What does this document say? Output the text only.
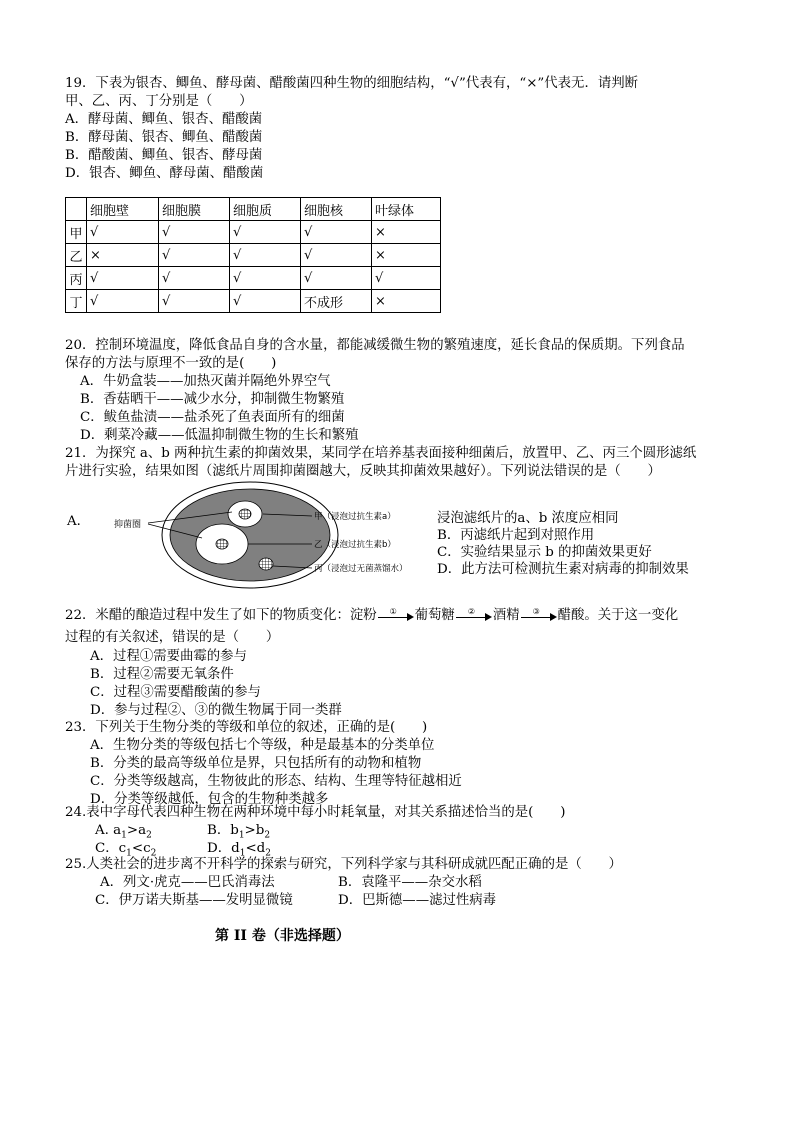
19．下表为银杏、鲫鱼、酵母菌、醋酸菌四种生物的细胞结构，“√”代表有，“×”代表无．请判断
甲、乙、丙、丁分别是（　　）
A．酵母菌、鲫鱼、银杏、醋酸菌
B．酵母菌、银杏、鲫鱼、醋酸菌
B．醋酸菌、鲫鱼、银杏、酵母菌
D．银杏、鲫鱼、酵母菌、醋酸菌
	细胞壁	细胞膜	细胞质	细胞核	叶绿体
甲	√	√	√	√	×
乙	×	√	√	√	×
丙	√	√	√	√	√
丁	√	√	√	不成形	×
20．控制环境温度，降低食品自身的含水量，都能减缓微生物的繁殖速度，延长食品的保质期。下列食品
保存的方法与原理不一致的是(　　)
A．牛奶盒装——加热灭菌并隔绝外界空气
B．香菇晒干——减少水分，抑制微生物繁殖
C．鲅鱼盐渍——盐杀死了鱼表面所有的细菌
D．剩菜冷藏——低温抑制微生物的生长和繁殖
21．为探究 a、b 两种抗生素的抑菌效果，某同学在培养基表面接种细菌后，放置甲、乙、丙三个圆形滤纸
片进行实验，结果如图（滤纸片周围抑菌圈越大，反映其抑菌效果越好）。下列说法错误的是（　　）
A．	抑菌圈
甲（浸泡过抗生素a）
乙（浸泡过抗生素b）
丙（浸泡过无菌蒸馏水）
浸泡滤纸片的a、b 浓度应相同
B．丙滤纸片起到对照作用
C．实验结果显示 b 的抑菌效果更好
D．此方法可检测抗生素对病毒的抑制效果
22．米醋的酿造过程中发生了如下的物质变化：淀粉 ① 葡萄糖 ② 酒精 ③ 醋酸。关于这一变化
过程的有关叙述，错误的是（　　）
A．过程①需要曲霉的参与
B．过程②需要无氧条件
C．过程③需要醋酸菌的参与
D．参与过程②、③的微生物属于同一类群
23．下列关于生物分类的等级和单位的叙述，正确的是(　　)
A．生物分类的等级包括七个等级，种是最基本的分类单位
B．分类的最高等级单位是界，只包括所有的动物和植物
C．分类等级越高，生物彼此的形态、结构、生理等特征越相近
D．分类等级越低，包含的生物种类越多
24.表中字母代表四种生物在两种环境中每小时耗氧量，对其关系描述恰当的是(　　)
A. $a_1>a_2$	B．$b_1>b_2$
C．$c_1<c_2$	D．$d_1<d_2$
25.人类社会的进步离不开科学的探索与研究，下列科学家与其科研成就匹配正确的是（　　）
A．列文·虎克——巴氏消毒法	B．袁隆平——杂交水稻
C．伊万诺夫斯基——发明显微镜	D．巴斯德——滤过性病毒
第 II 卷（非选择题）
